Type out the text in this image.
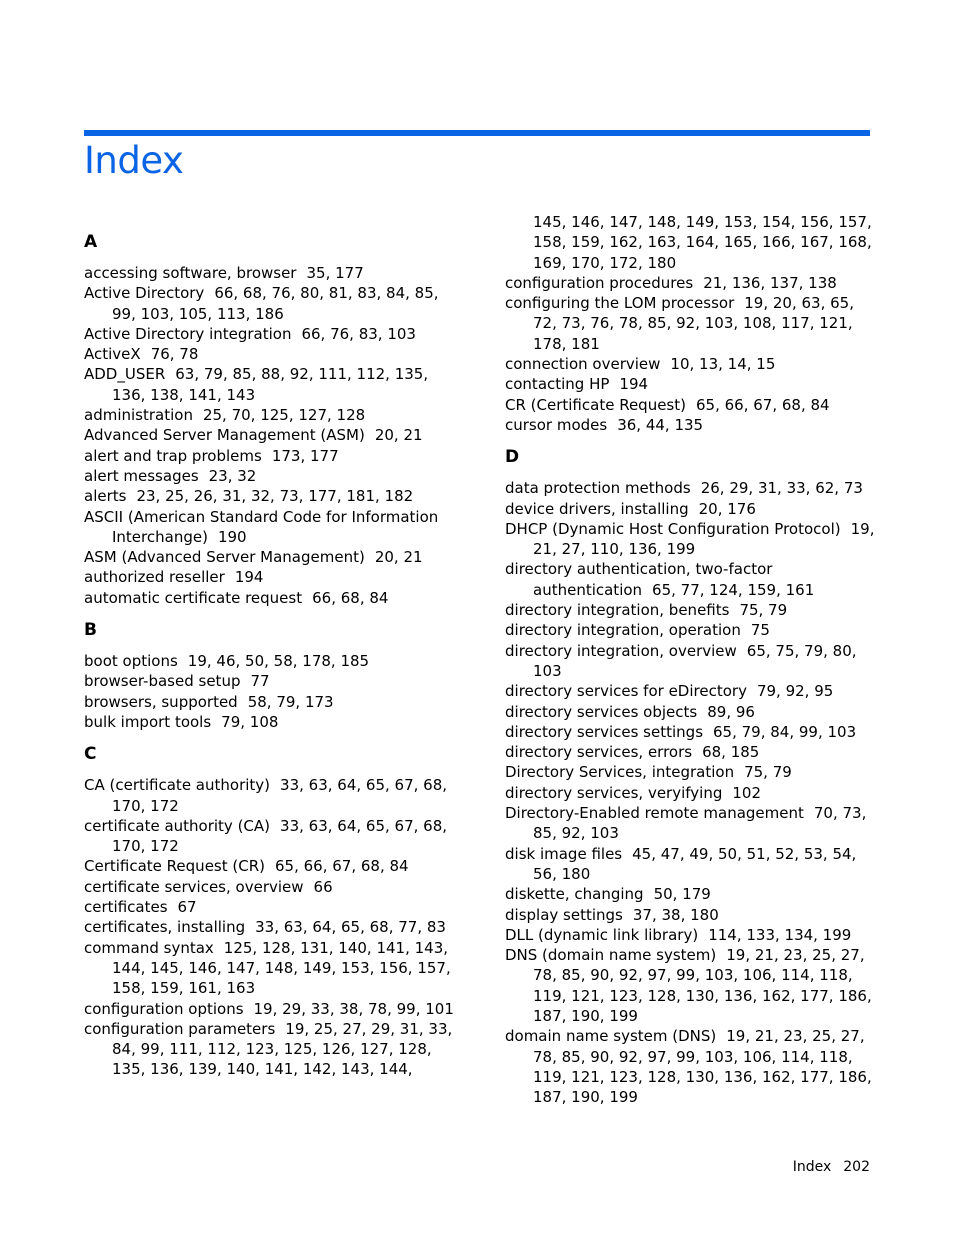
Index
A
accessing software, browser 35, 177
Active Directory 66, 68, 76, 80, 81, 83, 84, 85, 99, 103, 105, 113, 186
Active Directory integration 66, 76, 83, 103
ActiveX 76, 78
ADD_USER 63, 79, 85, 88, 92, 111, 112, 135, 136, 138, 141, 143
administration 25, 70, 125, 127, 128
Advanced Server Management (ASM) 20, 21
alert and trap problems 173, 177
alert messages 23, 32
alerts 23, 25, 26, 31, 32, 73, 177, 181, 182
ASCII (American Standard Code for Information Interchange) 190
ASM (Advanced Server Management) 20, 21
authorized reseller 194
automatic certificate request 66, 68, 84
B
boot options 19, 46, 50, 58, 178, 185
browser-based setup 77
browsers, supported 58, 79, 173
bulk import tools 79, 108
C
CA (certificate authority) 33, 63, 64, 65, 67, 68, 170, 172
certificate authority (CA) 33, 63, 64, 65, 67, 68, 170, 172
Certificate Request (CR) 65, 66, 67, 68, 84
certificate services, overview 66
certificates 67
certificates, installing 33, 63, 64, 65, 68, 77, 83
command syntax 125, 128, 131, 140, 141, 143, 144, 145, 146, 147, 148, 149, 153, 156, 157, 158, 159, 161, 163
configuration options 19, 29, 33, 38, 78, 99, 101
configuration parameters 19, 25, 27, 29, 31, 33, 84, 99, 111, 112, 123, 125, 126, 127, 128, 135, 136, 139, 140, 141, 142, 143, 144,
145, 146, 147, 148, 149, 153, 154, 156, 157, 158, 159, 162, 163, 164, 165, 166, 167, 168, 169, 170, 172, 180
configuration procedures 21, 136, 137, 138
configuring the LOM processor 19, 20, 63, 65, 72, 73, 76, 78, 85, 92, 103, 108, 117, 121, 178, 181
connection overview 10, 13, 14, 15
contacting HP 194
CR (Certificate Request) 65, 66, 67, 68, 84
cursor modes 36, 44, 135
D
data protection methods 26, 29, 31, 33, 62, 73
device drivers, installing 20, 176
DHCP (Dynamic Host Configuration Protocol) 19, 21, 27, 110, 136, 199
directory authentication, two-factor authentication 65, 77, 124, 159, 161
directory integration, benefits 75, 79
directory integration, operation 75
directory integration, overview 65, 75, 79, 80, 103
directory services for eDirectory 79, 92, 95
directory services objects 89, 96
directory services settings 65, 79, 84, 99, 103
directory services, errors 68, 185
Directory Services, integration 75, 79
directory services, veryifying 102
Directory-Enabled remote management 70, 73, 85, 92, 103
disk image files 45, 47, 49, 50, 51, 52, 53, 54, 56, 180
diskette, changing 50, 179
display settings 37, 38, 180
DLL (dynamic link library) 114, 133, 134, 199
DNS (domain name system) 19, 21, 23, 25, 27, 78, 85, 90, 92, 97, 99, 103, 106, 114, 118, 119, 121, 123, 128, 130, 136, 162, 177, 186, 187, 190, 199
domain name system (DNS) 19, 21, 23, 25, 27, 78, 85, 90, 92, 97, 99, 103, 106, 114, 118, 119, 121, 123, 128, 130, 136, 162, 177, 186, 187, 190, 199
Index 202
